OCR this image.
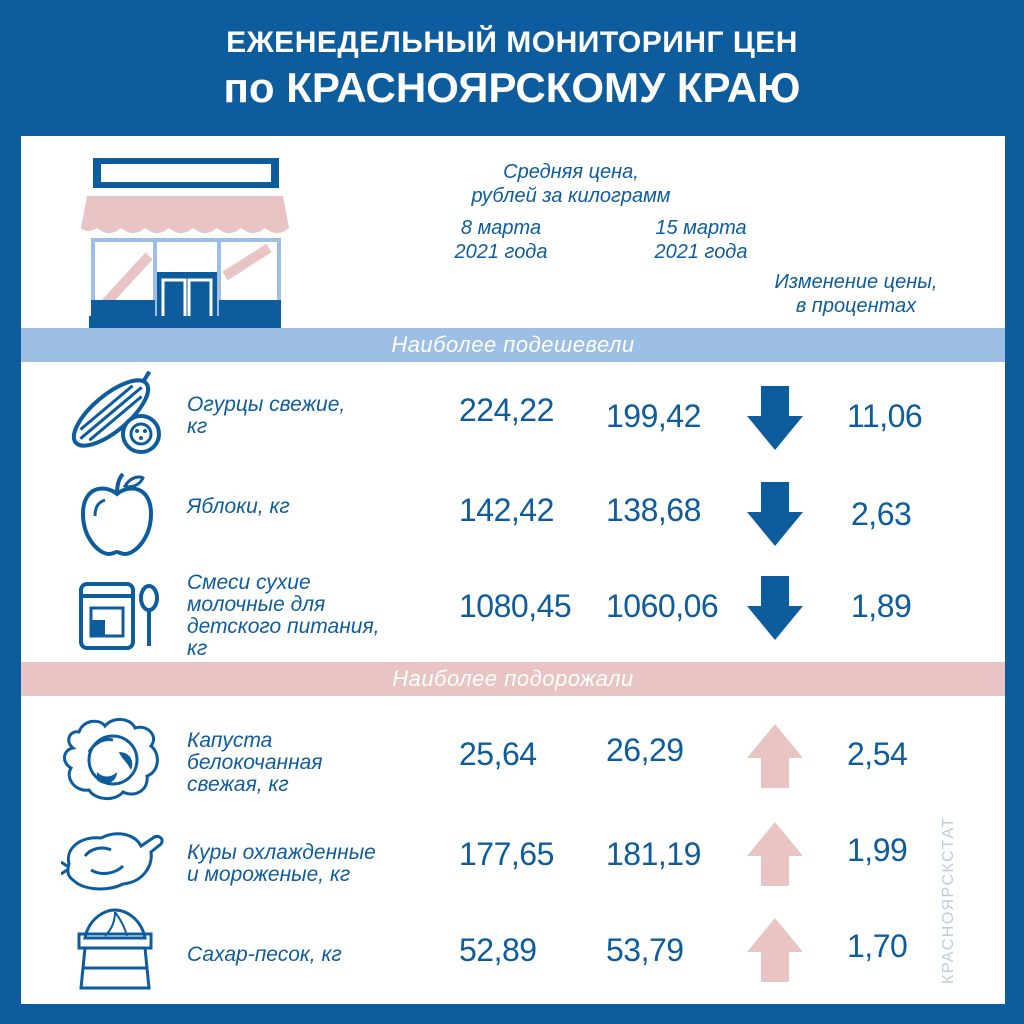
ЕЖЕНЕДЕЛЬНЫЙ МОНИТОРИНГ ЦЕН
по КРАСНОЯРСКОМУ КРАЮ
Средняя цена,
рублей за килограмм
8 марта
2021 года
15 марта
2021 года
Изменение цены,
в процентах
Наиболее подешевели
Наиболее подорожали
Огурцы свежие,
кг	224,22 199,42	11,06
Яблоки, кг	142,42 138,68	2,63
Смеси сухие
молочные для
детского питания,
кг
1080,45 1060,06	1,89
Капуста
белокочанная
свежая, кг
25,64 26,29	2,54
Куры охлажденные
и мороженые, кг
177,65 181,19	1,99
Сахар-песок, кг	52,89 53,79	1,70 КРАСНОЯРСКСТАТ
